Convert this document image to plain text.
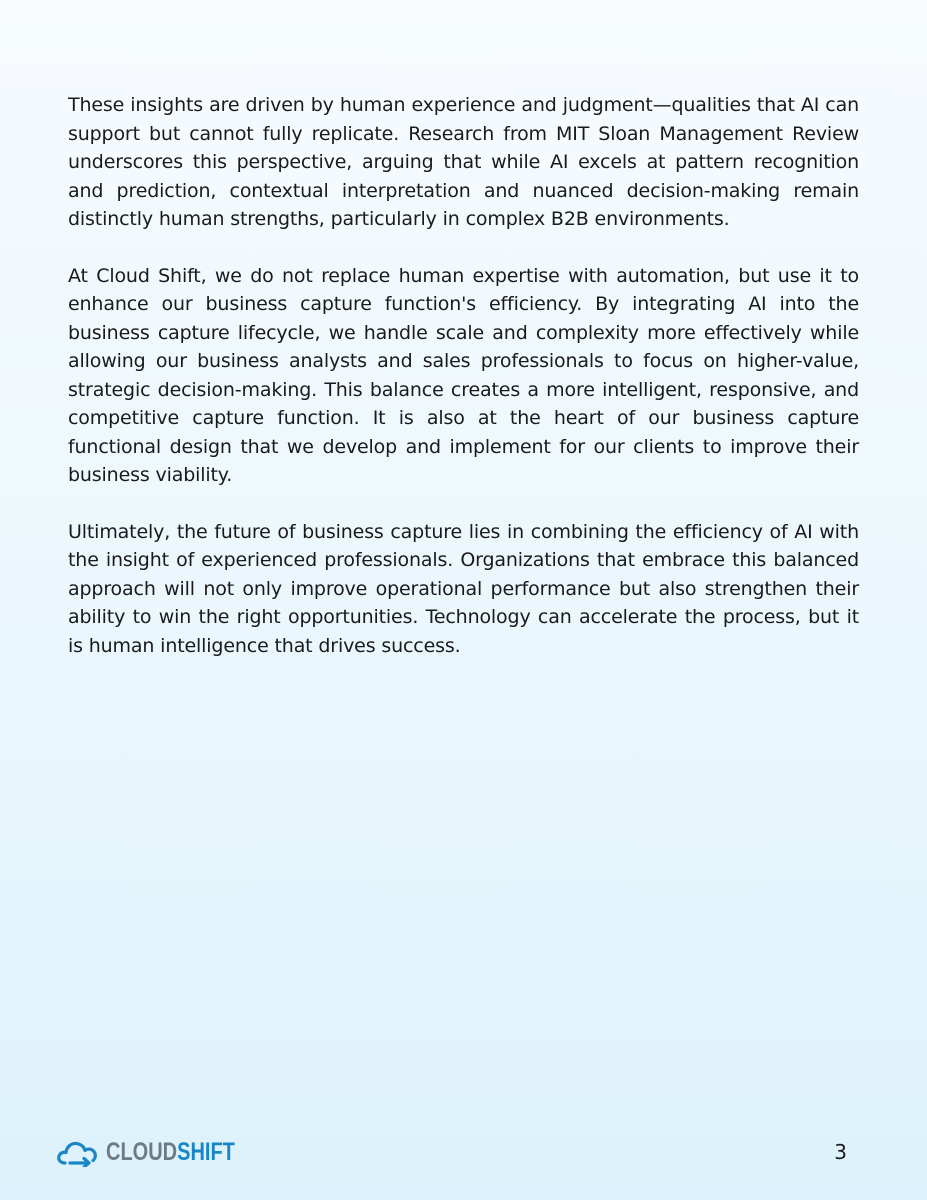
These insights are driven by human experience and judgment—qualities that AI can support but cannot fully replicate. Research from MIT Sloan Management Review underscores this perspective, arguing that while AI excels at pattern recognition and prediction, contextual interpretation and nuanced decision-making remain distinctly human strengths, particularly in complex B2B environments.

At Cloud Shift, we do not replace human expertise with automation, but use it to enhance our business capture function's efficiency. By integrating AI into the business capture lifecycle, we handle scale and complexity more effectively while allowing our business analysts and sales professionals to focus on higher-value, strategic decision-making. This balance creates a more intelligent, responsive, and competitive capture function. It is also at the heart of our business capture functional design that we develop and implement for our clients to improve their business viability.

Ultimately, the future of business capture lies in combining the efficiency of AI with the insight of experienced professionals. Organizations that embrace this balanced approach will not only improve operational performance but also strengthen their ability to win the right opportunities. Technology can accelerate the process, but it is human intelligence that drives success.

CLOUDSHIFT	3
